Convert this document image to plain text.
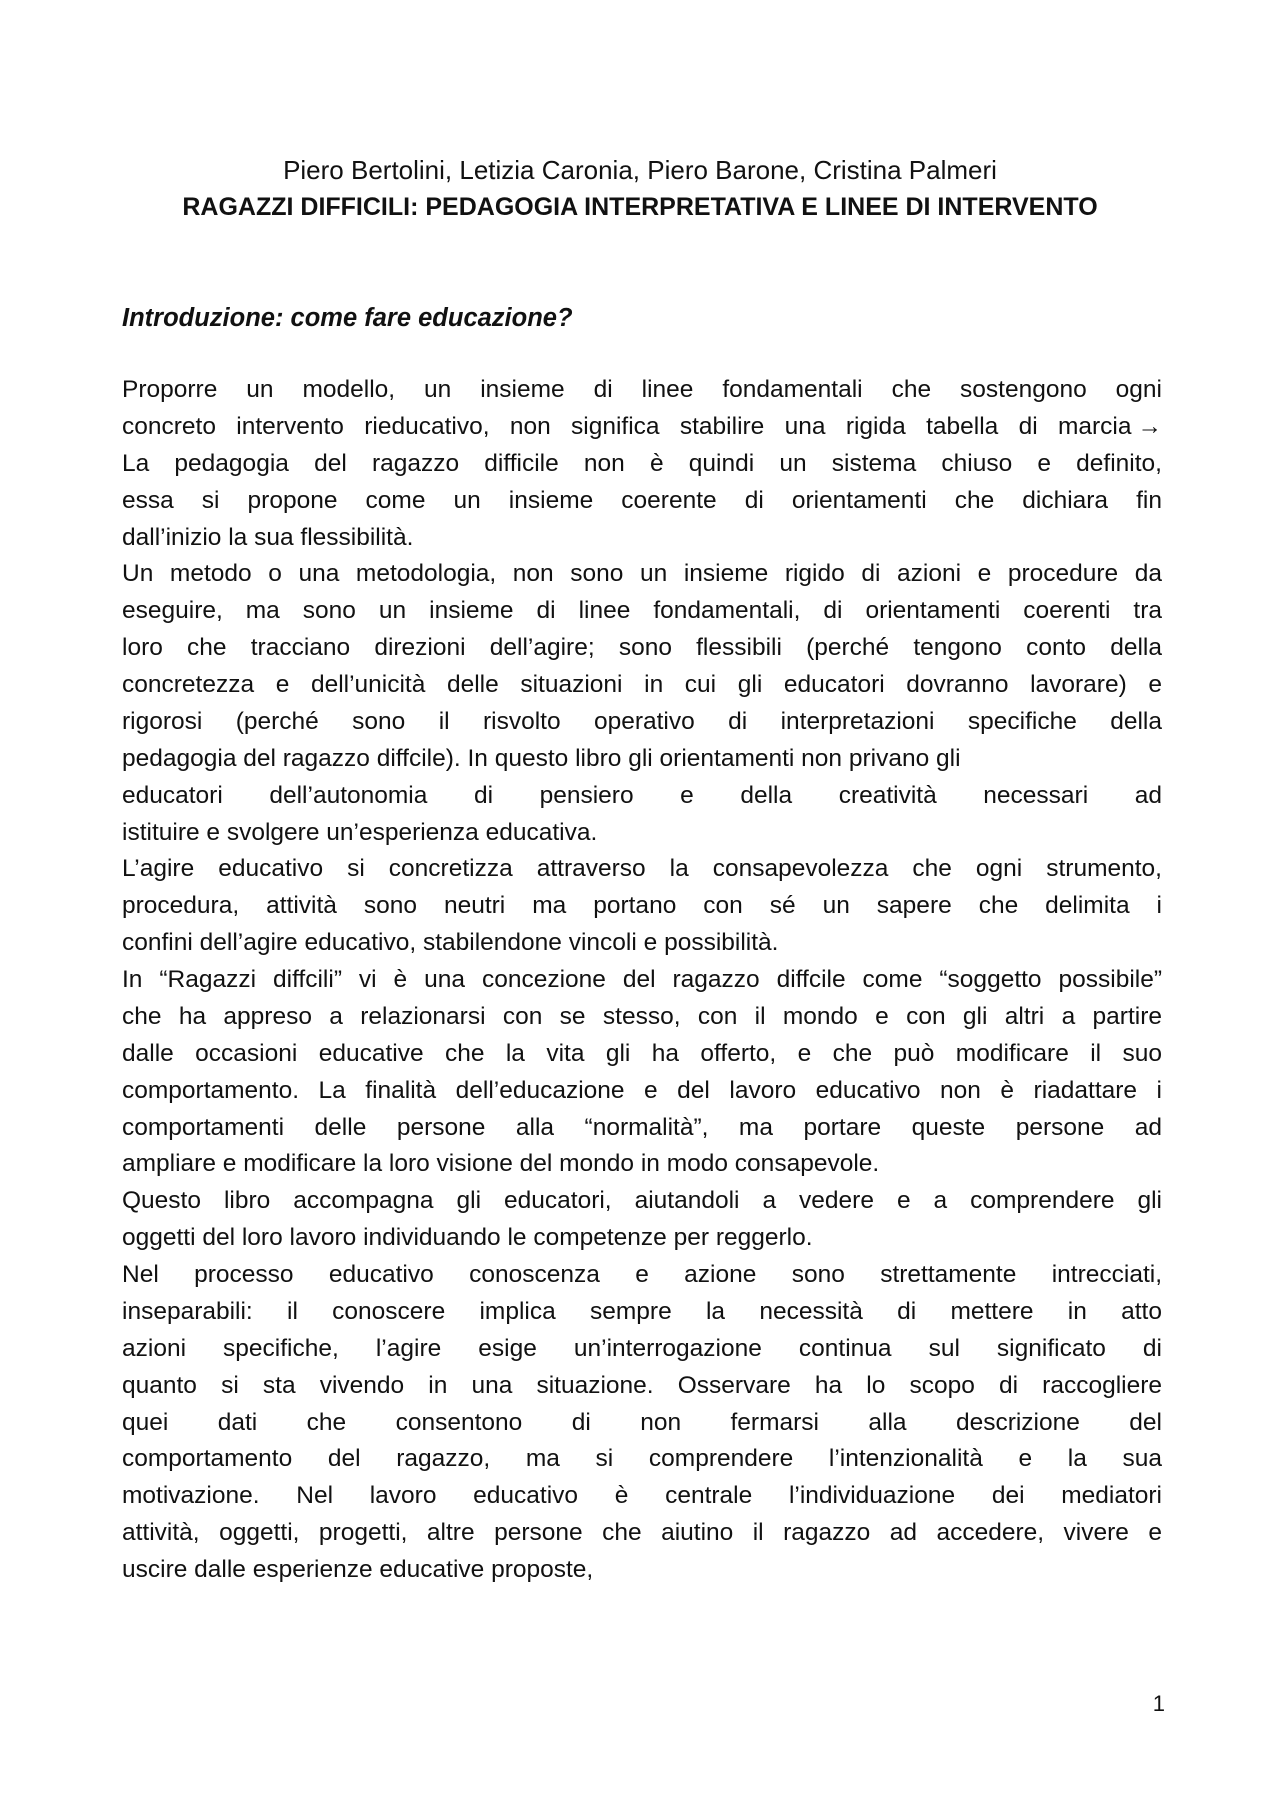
Piero Bertolini, Letizia Caronia, Piero Barone, Cristina Palmeri
RAGAZZI DIFFICILI: PEDAGOGIA INTERPRETATIVA E LINEE DI INTERVENTO
Introduzione: come fare educazione?
Proporre un modello, un insieme di linee fondamentali che sostengono ogni
concreto intervento rieducativo, non significa stabilire una rigida tabella di marcia →
La pedagogia del ragazzo difficile non è quindi un sistema chiuso e definito,
essa si propone come un insieme coerente di orientamenti che dichiara fin
dall’inizio la sua flessibilità.
Un metodo o una metodologia, non sono un insieme rigido di azioni e procedure da
eseguire, ma sono un insieme di linee fondamentali, di orientamenti coerenti tra
loro che tracciano direzioni dell’agire; sono flessibili (perché tengono conto della
concretezza e dell’unicità delle situazioni in cui gli educatori dovranno lavorare) e
rigorosi (perché sono il risvolto operativo di interpretazioni specifiche della
pedagogia del ragazzo diffcile). In questo libro gli orientamenti non privano gli
educatori dell’autonomia di pensiero e della creatività necessari ad
istituire e svolgere un’esperienza educativa.
L’agire educativo si concretizza attraverso la consapevolezza che ogni strumento,
procedura, attività sono neutri ma portano con sé un sapere che delimita i
confini dell’agire educativo, stabilendone vincoli e possibilità.
In “Ragazzi diffcili” vi è una concezione del ragazzo diffcile come “soggetto possibile”
che ha appreso a relazionarsi con se stesso, con il mondo e con gli altri a partire
dalle occasioni educative che la vita gli ha offerto, e che può modificare il suo
comportamento. La finalità dell’educazione e del lavoro educativo non è riadattare i
comportamenti delle persone alla “normalità”, ma portare queste persone ad
ampliare e modificare la loro visione del mondo in modo consapevole.
Questo libro accompagna gli educatori, aiutandoli a vedere e a comprendere gli
oggetti del loro lavoro individuando le competenze per reggerlo.
Nel processo educativo conoscenza e azione sono strettamente intrecciati,
inseparabili: il conoscere implica sempre la necessità di mettere in atto
azioni specifiche, l’agire esige un’interrogazione continua sul significato di
quanto si sta vivendo in una situazione. Osservare ha lo scopo di raccogliere
quei dati che consentono di non fermarsi alla descrizione del
comportamento del ragazzo, ma si comprendere l’intenzionalità e la sua
motivazione. Nel lavoro educativo è centrale l’individuazione dei mediatori
attività, oggetti, progetti, altre persone che aiutino il ragazzo ad accedere, vivere e
uscire dalle esperienze educative proposte,
1
